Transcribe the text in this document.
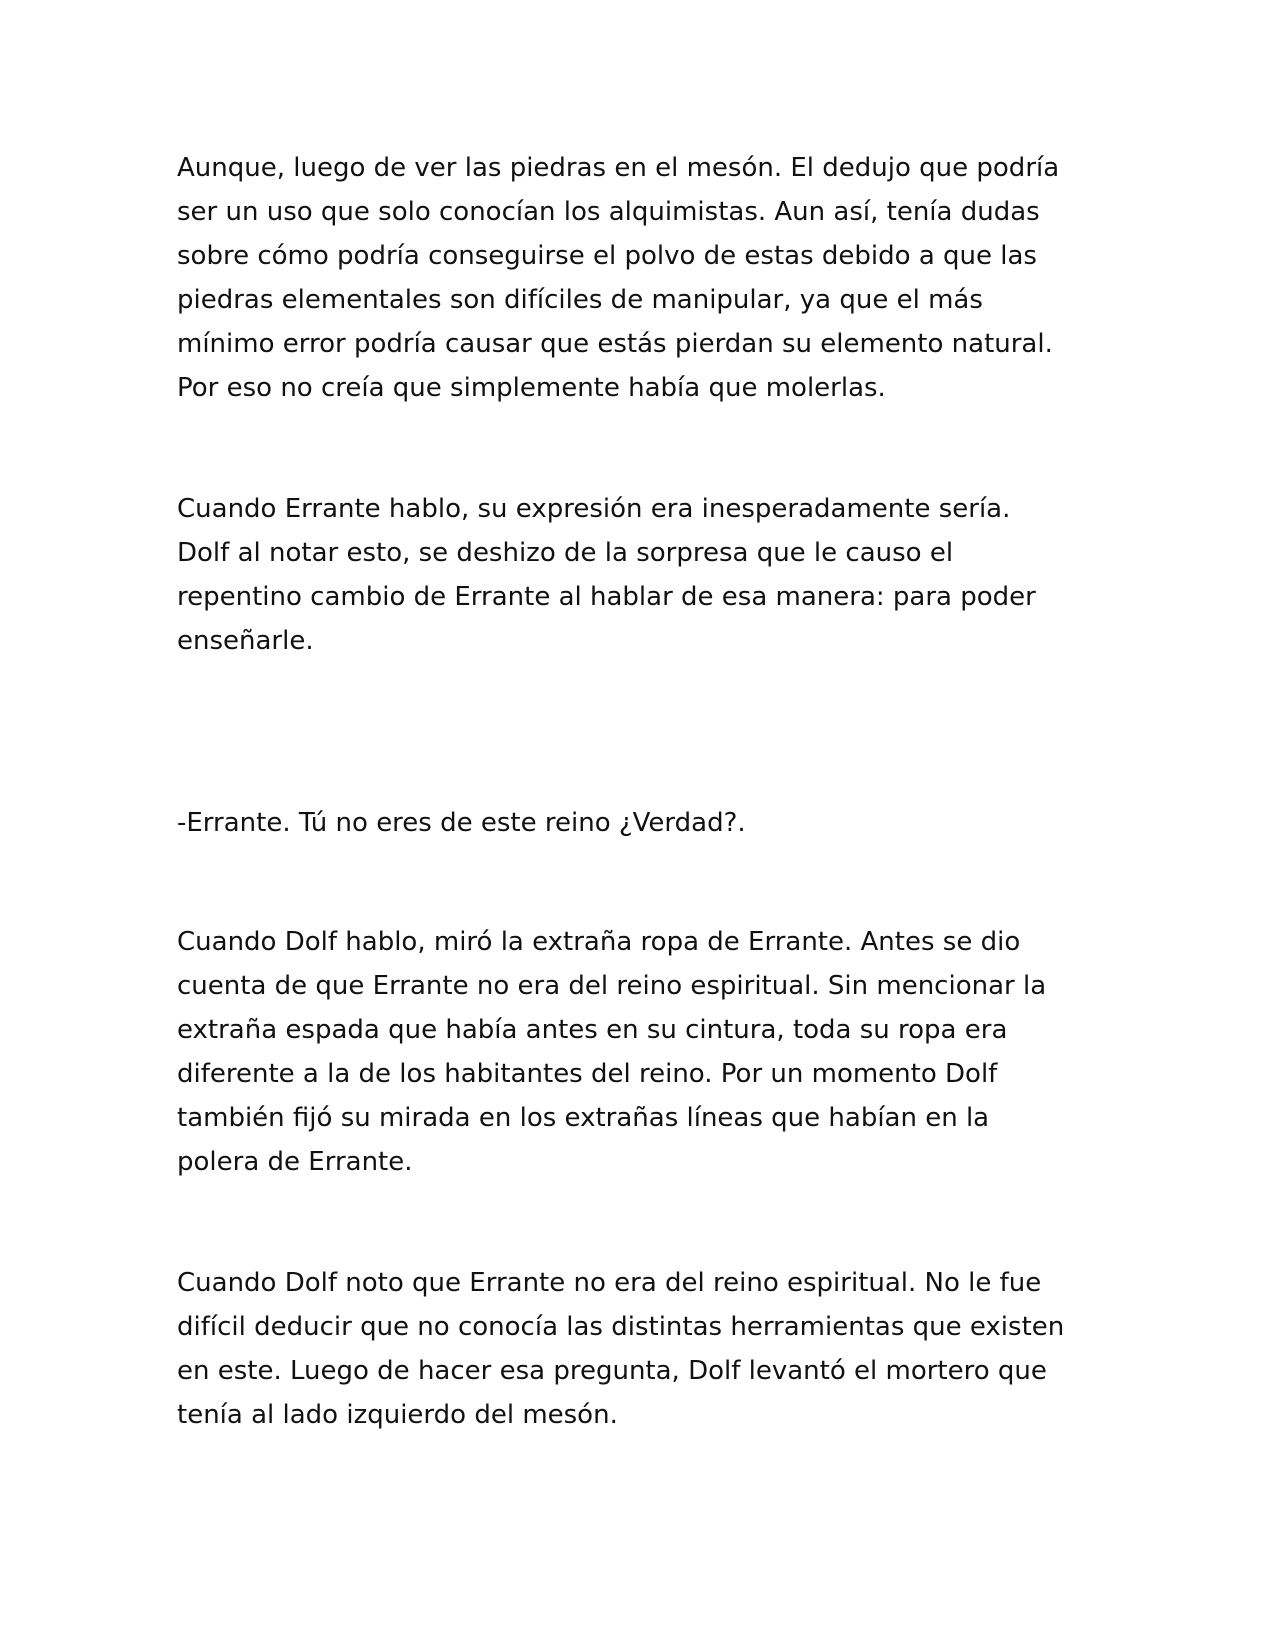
Aunque, luego de ver las piedras en el mesón. El dedujo que podría
ser un uso que solo conocían los alquimistas. Aun así, tenía dudas
sobre cómo podría conseguirse el polvo de estas debido a que las
piedras elementales son difíciles de manipular, ya que el más
mínimo error podría causar que estás pierdan su elemento natural.
Por eso no creía que simplemente había que molerlas.

Cuando Errante hablo, su expresión era inesperadamente sería.
Dolf al notar esto, se deshizo de la sorpresa que le causo el
repentino cambio de Errante al hablar de esa manera: para poder
enseñarle.

-Errante. Tú no eres de este reino ¿Verdad?.

Cuando Dolf hablo, miró la extraña ropa de Errante. Antes se dio
cuenta de que Errante no era del reino espiritual. Sin mencionar la
extraña espada que había antes en su cintura, toda su ropa era
diferente a la de los habitantes del reino. Por un momento Dolf
también fijó su mirada en los extrañas líneas que habían en la
polera de Errante.

Cuando Dolf noto que Errante no era del reino espiritual. No le fue
difícil deducir que no conocía las distintas herramientas que existen
en este. Luego de hacer esa pregunta, Dolf levantó el mortero que
tenía al lado izquierdo del mesón.
